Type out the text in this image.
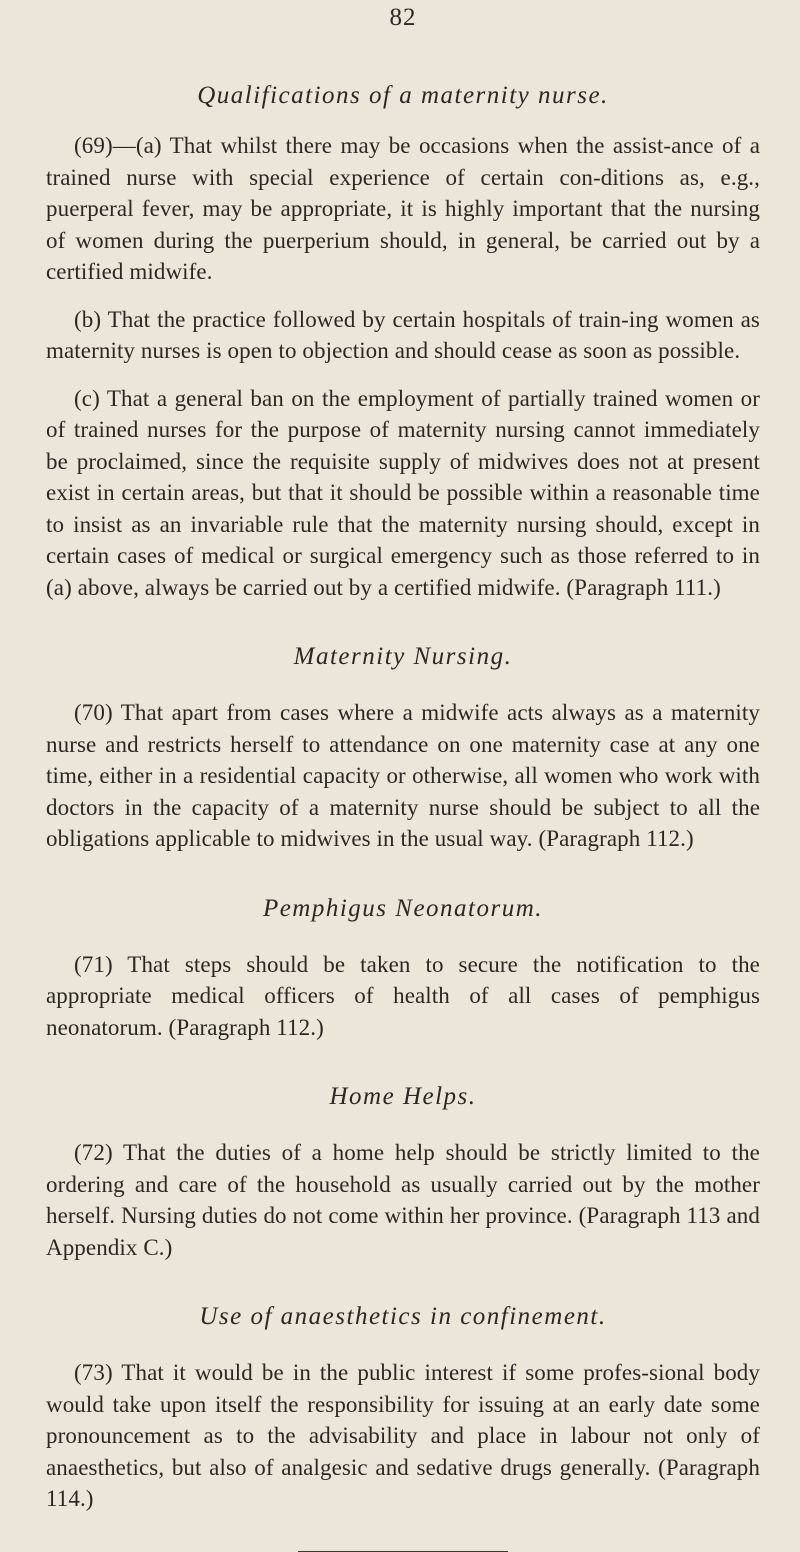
82
Qualifications of a maternity nurse.

(69)—(a) That whilst there may be occasions when the assist-ance of a trained nurse with special experience of certain con-ditions as, e.g., puerperal fever, may be appropriate, it is highly important that the nursing of women during the puerperium should, in general, be carried out by a certified midwife.

(b) That the practice followed by certain hospitals of train-ing women as maternity nurses is open to objection and should cease as soon as possible.

(c) That a general ban on the employment of partially trained women or of trained nurses for the purpose of maternity nursing cannot immediately be proclaimed, since the requisite supply of midwives does not at present exist in certain areas, but that it should be possible within a reasonable time to insist as an invariable rule that the maternity nursing should, except in certain cases of medical or surgical emergency such as those referred to in (a) above, always be carried out by a certified midwife. (Paragraph 111.)

Maternity Nursing.

(70) That apart from cases where a midwife acts always as a maternity nurse and restricts herself to attendance on one maternity case at any one time, either in a residential capacity or otherwise, all women who work with doctors in the capacity of a maternity nurse should be subject to all the obligations applicable to midwives in the usual way. (Paragraph 112.)

Pemphigus Neonatorum.

(71) That steps should be taken to secure the notification to the appropriate medical officers of health of all cases of pemphigus neonatorum. (Paragraph 112.)

Home Helps.

(72) That the duties of a home help should be strictly limited to the ordering and care of the household as usually carried out by the mother herself. Nursing duties do not come within her province. (Paragraph 113 and Appendix C.)

Use of anaesthetics in confinement.

(73) That it would be in the public interest if some profes-sional body would take upon itself the responsibility for issuing at an early date some pronouncement as to the advisability and place in labour not only of anaesthetics, but also of analgesic and sedative drugs generally. (Paragraph 114.)
